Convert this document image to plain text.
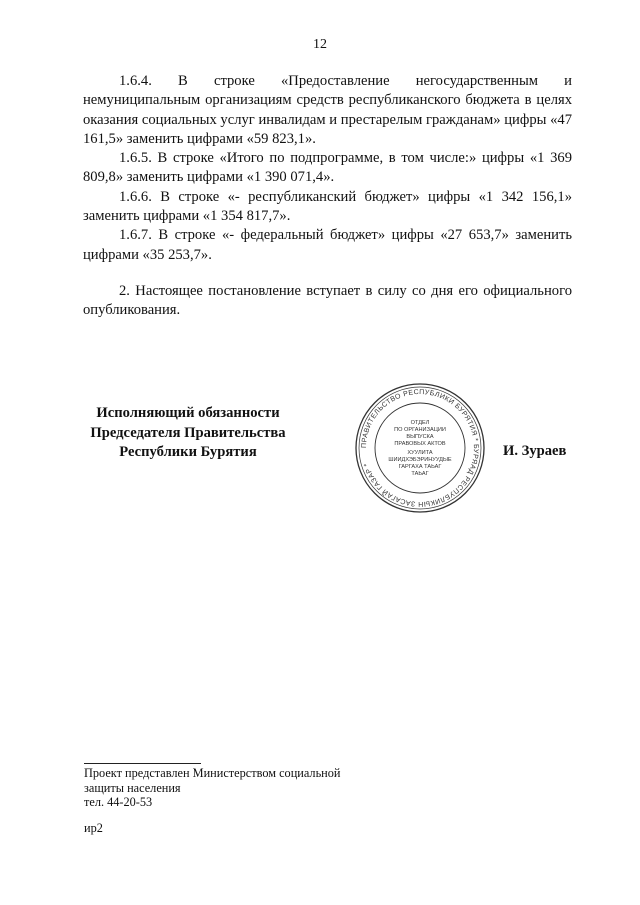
12

1.6.4. В строке «Предоставление негосударственным и немуниципальным организациям средств республиканского бюджета в целях оказания социальных услуг инвалидам и престарелым гражданам» цифры «47 161,5» заменить цифрами «59 823,1».

1.6.5. В строке «Итого по подпрограмме, в том числе:» цифры «1 369 809,8» заменить цифрами «1 390 071,4».

1.6.6. В строке «- республиканский бюджет» цифры «1 342 156,1» заменить цифрами «1 354 817,7».

1.6.7. В строке «- федеральный бюджет» цифры «27 653,7» заменить цифрами «35 253,7».

2. Настоящее постановление вступает в силу со дня его официального опубликования.

Исполняющий обязанности
Председателя Правительства
Республики Бурятия	ПРАВИТЕЛЬСТВО РЕСПУБЛИКИ БУРЯТИЯ * БУРЯАД РЕСПУБЛИКЫН ЗАСАГАЙ ГАЗАР *
ОТДЕЛ
ПО ОРГАНИЗАЦИИ
ВЫПУСКА
ПРАВОВЫХ АКТОВ
ХУУЛИТА
ШИИДХЭБЭРИНУУДЫЕ
ГАРГАХА ТАЬАГ
ТАЬАГ
И. Зураев
Проект представлен Министерством социальной
защиты населения
тел. 44-20-53
ир2
